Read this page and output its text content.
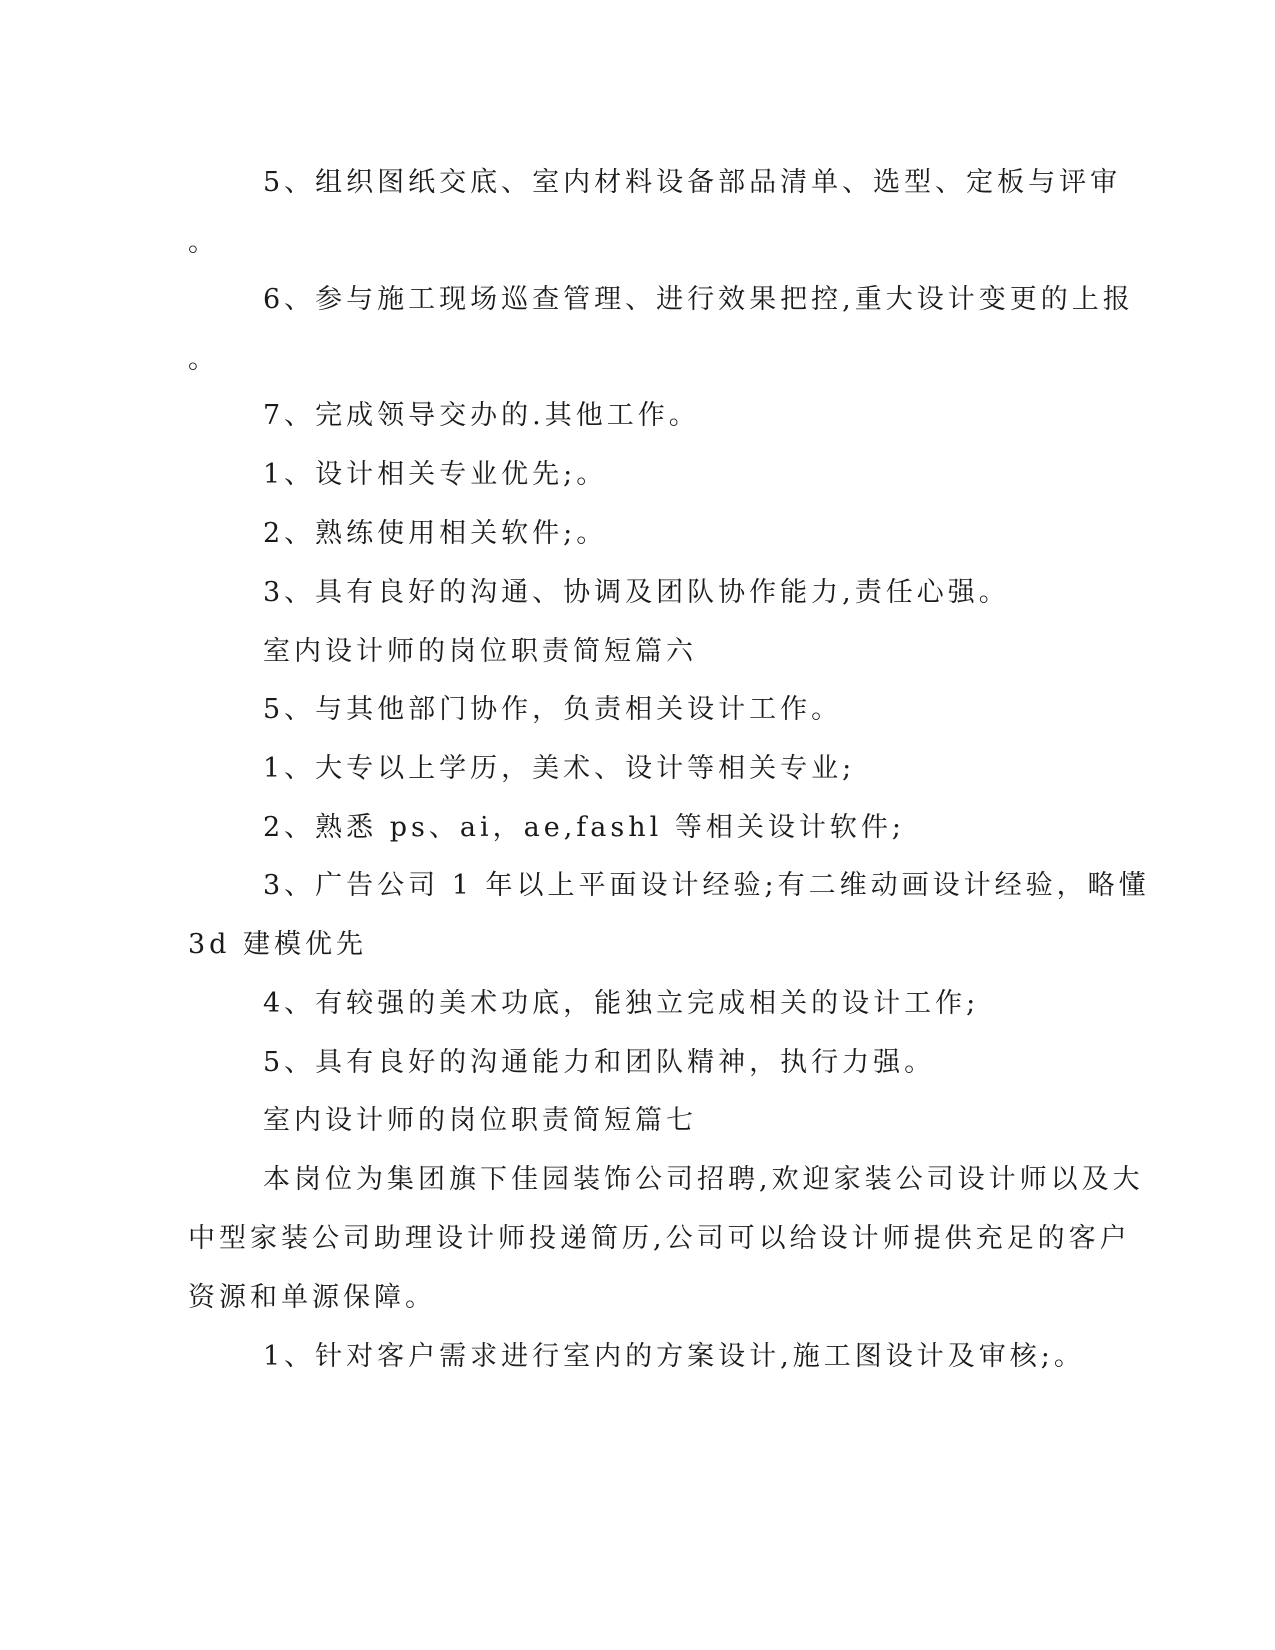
5、组织图纸交底、室内材料设备部品清单、选型、定板与评审
。
6、参与施工现场巡查管理、进行效果把控,重大设计变更的上报
。
7、完成领导交办的.其他工作。
1、设计相关专业优先;。
2、熟练使用相关软件;。
3、具有良好的沟通、协调及团队协作能力,责任心强。
室内设计师的岗位职责简短篇六
5、与其他部门协作，负责相关设计工作。
1、大专以上学历，美术、设计等相关专业;
2、熟悉 ps、ai，ae,fashl 等相关设计软件;
3、广告公司 1 年以上平面设计经验;有二维动画设计经验，略懂
3d 建模优先
4、有较强的美术功底，能独立完成相关的设计工作;
5、具有良好的沟通能力和团队精神，执行力强。
室内设计师的岗位职责简短篇七
本岗位为集团旗下佳园装饰公司招聘,欢迎家装公司设计师以及大
中型家装公司助理设计师投递简历,公司可以给设计师提供充足的客户
资源和单源保障。
1、针对客户需求进行室内的方案设计,施工图设计及审核;。
